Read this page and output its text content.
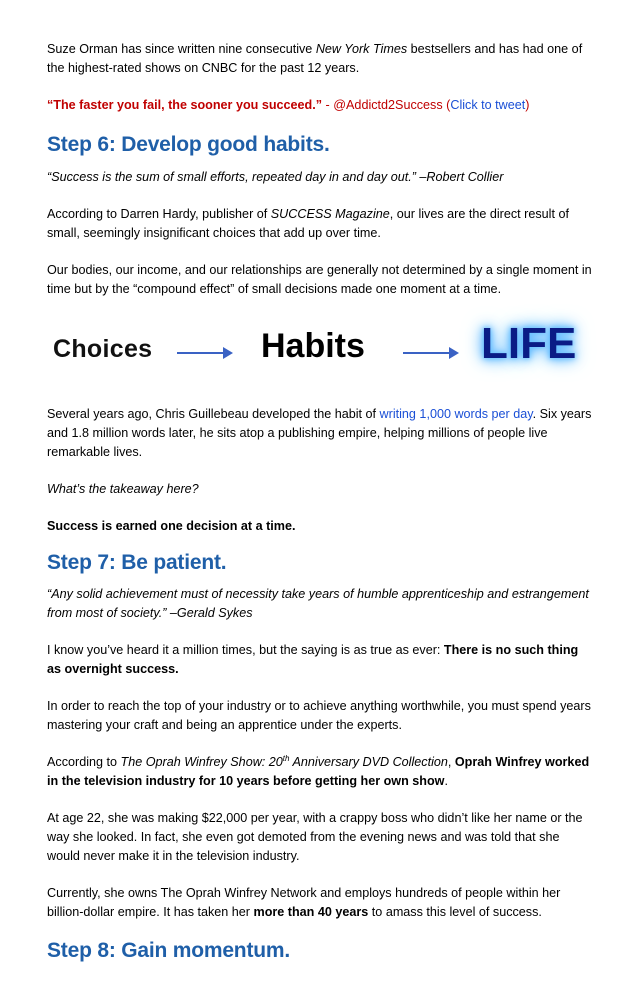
Suze Orman has since written nine consecutive New York Times bestsellers and has had one of the highest-rated shows on CNBC for the past 12 years.

“The faster you fail, the sooner you succeed.” - @Addictd2Success (Click to tweet)

Step 6: Develop good habits.

“Success is the sum of small efforts, repeated day in and day out.” –Robert Collier

According to Darren Hardy, publisher of SUCCESS Magazine, our lives are the direct result of small, seemingly insignificant choices that add up over time.

Our bodies, our income, and our relationships are generally not determined by a single moment in time but by the “compound effect” of small decisions made one moment at a time.

Choices	Habits	LIFE

Several years ago, Chris Guillebeau developed the habit of writing 1,000 words per day. Six years and 1.8 million words later, he sits atop a publishing empire, helping millions of people live remarkable lives.

What’s the takeaway here?

Success is earned one decision at a time.

Step 7: Be patient.

“Any solid achievement must of necessity take years of humble apprenticeship and estrangement from most of society.” –Gerald Sykes

I know you’ve heard it a million times, but the saying is as true as ever: There is no such thing as overnight success.

In order to reach the top of your industry or to achieve anything worthwhile, you must spend years mastering your craft and being an apprentice under the experts.

According to The Oprah Winfrey Show: 20th Anniversary DVD Collection, Oprah Winfrey worked in the television industry for 10 years before getting her own show.

At age 22, she was making $22,000 per year, with a crappy boss who didn’t like her name or the way she looked. In fact, she even got demoted from the evening news and was told that she would never make it in the television industry.

Currently, she owns The Oprah Winfrey Network and employs hundreds of people within her billion-dollar empire. It has taken her more than 40 years to amass this level of success.

Step 8: Gain momentum.
